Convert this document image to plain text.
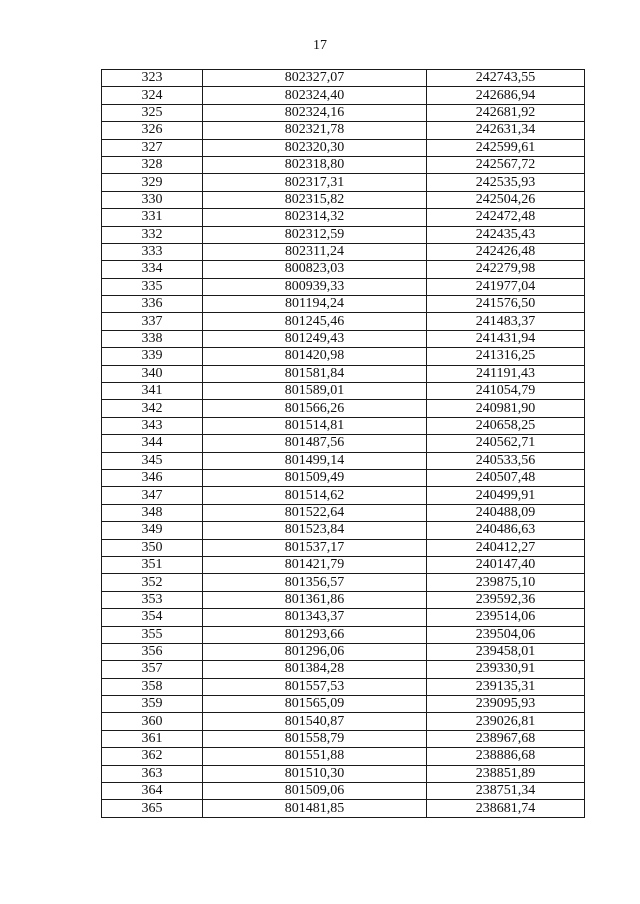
17
323	802327,07	242743,55
324	802324,40	242686,94
325	802324,16	242681,92
326	802321,78	242631,34
327	802320,30	242599,61
328	802318,80	242567,72
329	802317,31	242535,93
330	802315,82	242504,26
331	802314,32	242472,48
332	802312,59	242435,43
333	802311,24	242426,48
334	800823,03	242279,98
335	800939,33	241977,04
336	801194,24	241576,50
337	801245,46	241483,37
338	801249,43	241431,94
339	801420,98	241316,25
340	801581,84	241191,43
341	801589,01	241054,79
342	801566,26	240981,90
343	801514,81	240658,25
344	801487,56	240562,71
345	801499,14	240533,56
346	801509,49	240507,48
347	801514,62	240499,91
348	801522,64	240488,09
349	801523,84	240486,63
350	801537,17	240412,27
351	801421,79	240147,40
352	801356,57	239875,10
353	801361,86	239592,36
354	801343,37	239514,06
355	801293,66	239504,06
356	801296,06	239458,01
357	801384,28	239330,91
358	801557,53	239135,31
359	801565,09	239095,93
360	801540,87	239026,81
361	801558,79	238967,68
362	801551,88	238886,68
363	801510,30	238851,89
364	801509,06	238751,34
365	801481,85	238681,74
